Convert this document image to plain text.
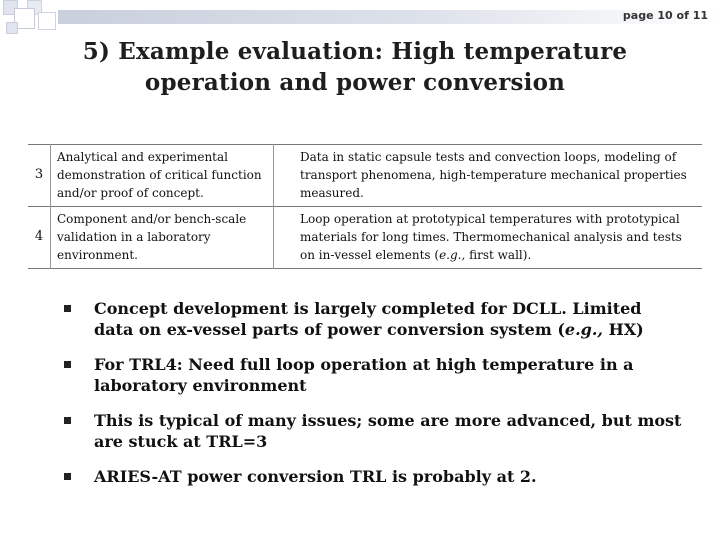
page 10 of 11
5) Example evaluation: High temperature
operation and power conversion
3	Analytical and experimental demonstration of critical function and/or proof of concept.	Data in static capsule tests and convection loops, modeling of transport phenomena, high-temperature mechanical properties measured.
4	Component and/or bench-scale validation in a laboratory environment.	Loop operation at prototypical temperatures with prototypical materials for long times. Thermomechanical analysis and tests on in-vessel elements (e.g., first wall).
Concept development is largely completed for DCLL. Limited data on ex-vessel parts of power conversion system (e.g., HX)
For TRL4: Need full loop operation at high temperature in a laboratory environment
This is typical of many issues; some are more advanced, but most are stuck at TRL=3
ARIES-AT power conversion TRL is probably at 2.
